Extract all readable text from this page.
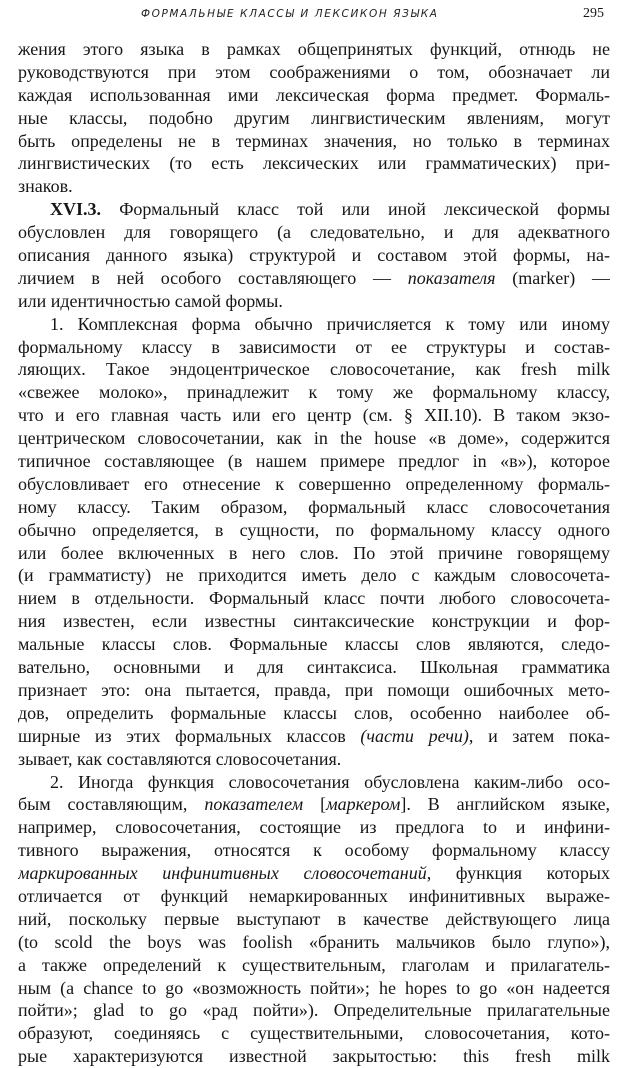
ФОРМАЛЬНЫЕ КЛАССЫ И ЛЕКСИКОН ЯЗЫКА	295
жения этого языка в рамках общепринятых функций, отнюдь не
руководствуются при этом соображениями о том, обозначает ли
каждая использованная ими лексическая форма предмет. Формаль-
ные классы, подобно другим лингвистическим явлениям, могут
быть определены не в терминах значения, но только в терминах
лингвистических (то есть лексических или грамматических) при-
знаков.
XVI.3. Формальный класс той или иной лексической формы
обусловлен для говорящего (а следовательно, и для адекватного
описания данного языка) структурой и составом этой формы, на-
личием в ней особого составляющего — показателя (marker) —
или идентичностью самой формы.
1. Комплексная форма обычно причисляется к тому или иному
формальному классу в зависимости от ее структуры и состав-
ляющих. Такое эндоцентрическое словосочетание, как fresh milk
«свежее молоко», принадлежит к тому же формальному классу,
что и его главная часть или его центр (см. § XII.10). В таком экзо-
центрическом словосочетании, как in the house «в доме», содержится
типичное составляющее (в нашем примере предлог in «в»), которое
обусловливает его отнесение к совершенно определенному формаль-
ному классу. Таким образом, формальный класс словосочетания
обычно определяется, в сущности, по формальному классу одного
или более включенных в него слов. По этой причине говорящему
(и грамматисту) не приходится иметь дело с каждым словосочета-
нием в отдельности. Формальный класс почти любого словосочета-
ния известен, если известны синтаксические конструкции и фор-
мальные классы слов. Формальные классы слов являются, следо-
вательно, основными и для синтаксиса. Школьная грамматика
признает это: она пытается, правда, при помощи ошибочных мето-
дов, определить формальные классы слов, особенно наиболее об-
ширные из этих формальных классов (части речи), и затем пока-
зывает, как составляются словосочетания.
2. Иногда функция словосочетания обусловлена каким-либо осо-
бым составляющим, показателем [маркером]. В английском языке,
например, словосочетания, состоящие из предлога to и инфини-
тивного выражения, относятся к особому формальному классу
маркированных инфинитивных словосочетаний, функция которых
отличается от функций немаркированных инфинитивных выраже-
ний, поскольку первые выступают в качестве действующего лица
(to scold the boys was foolish «бранить мальчиков было глупо»),
а также определений к существительным, глаголам и прилагатель-
ным (a chance to go «возможность пойти»; he hopes to go «он надеется
пойти»; glad to go «рад пойти»). Определительные прилагательные
образуют, соединяясь с существительными, словосочетания, кото-
рые характеризуются известной закрытостью: this fresh milk
